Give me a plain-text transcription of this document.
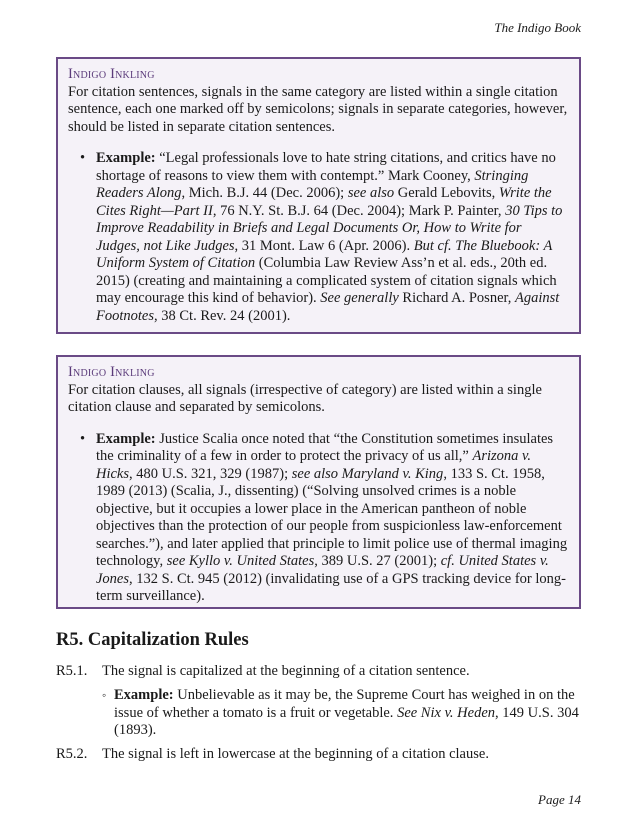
The Indigo Book
Indigo Inkling

For citation sentences, signals in the same category are listed within a single citation sentence, each one marked off by semicolons; signals in separate categories, however, should be listed in separate citation sentences.

• Example: “Legal professionals love to hate string citations, and critics have no shortage of reasons to view them with contempt.” Mark Cooney, Stringing Readers Along, Mich. B.J. 44 (Dec. 2006); see also Gerald Lebovits, Write the Cites Right—Part II, 76 N.Y. St. B.J. 64 (Dec. 2004); Mark P. Painter, 30 Tips to Improve Readability in Briefs and Legal Documents Or, How to Write for Judges, not Like Judges, 31 Mont. Law 6 (Apr. 2006). But cf. The Bluebook: A Uniform System of Citation (Columbia Law Review Ass’n et al. eds., 20th ed. 2015) (creating and maintaining a complicated system of citation signals which may encourage this kind of behavior). See generally Richard A. Posner, Against Footnotes, 38 Ct. Rev. 24 (2001).
Indigo Inkling

For citation clauses, all signals (irrespective of category) are listed within a single citation clause and separated by semicolons.

• Example: Justice Scalia once noted that “the Constitution sometimes insulates the criminality of a few in order to protect the privacy of us all,” Arizona v. Hicks, 480 U.S. 321, 329 (1987); see also Maryland v. King, 133 S. Ct. 1958, 1989 (2013) (Scalia, J., dissenting) (“Solving unsolved crimes is a noble objective, but it occupies a lower place in the American pantheon of noble objectives than the protection of our people from suspicionless law-enforcement searches.”), and later applied that principle to limit police use of thermal imaging technology, see Kyllo v. United States, 389 U.S. 27 (2001); cf. United States v. Jones, 132 S. Ct. 945 (2012) (invalidating use of a GPS tracking device for long-term surveillance).
R5. Capitalization Rules
R5.1. The signal is capitalized at the beginning of a citation sentence.
◦ Example: Unbelievable as it may be, the Supreme Court has weighed in on the issue of whether a tomato is a fruit or vegetable. See Nix v. Heden, 149 U.S. 304 (1893).
R5.2. The signal is left in lowercase at the beginning of a citation clause.
Page 14
